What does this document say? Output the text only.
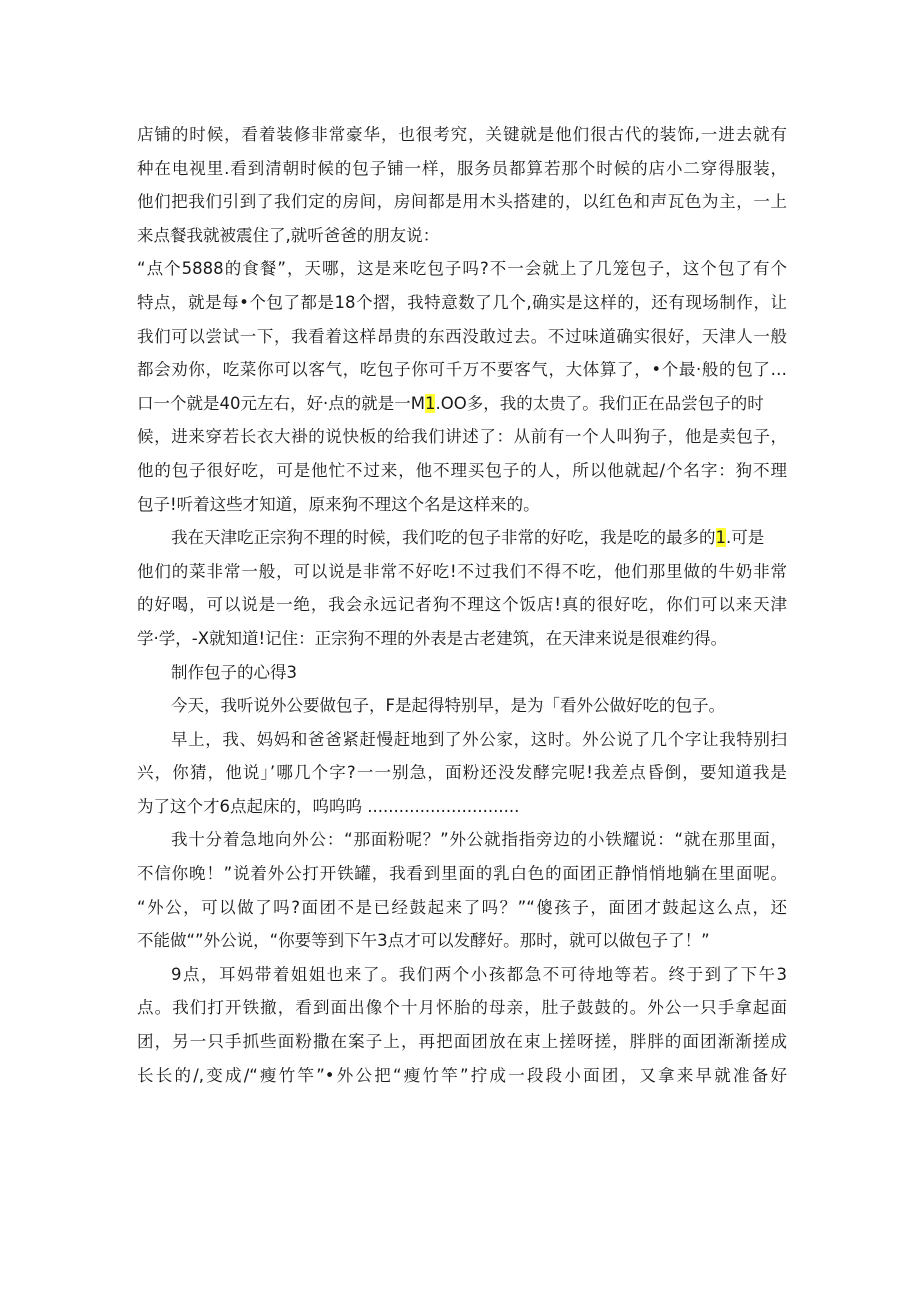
店铺的时候，看着装修非常豪华，也很考究，关键就是他们很古代的装饰,一进去就有
种在电视里.看到清朝时候的包子铺一样，服务员都算若那个时候的店小二穿得服装，
他们把我们引到了我们定的房间，房间都是用木头搭建的，以红色和声瓦色为主，一上
来点餐我就被震住了,就听爸爸的朋友说：
“点个5888的食餐”，天哪，这是来吃包子吗?不一会就上了几笼包子，这个包了有个
特点，就是每•个包了都是18个摺，我特意数了几个,确实是这样的，还有现场制作，让
我们可以尝试一下，我看着这样昂贵的东西没敢过去。不过味道确实很好，天津人一般
都会劝你，吃菜你可以客气，吃包子你可千万不要客气，大体算了，•个最·般的包了…
口一个就是40元左右，好·点的就是一M1.OO多，我的太贵了。我们正在品尝包子的时
候，进来穿若长衣大褂的说快板的给我们讲述了：从前有一个人叫狗子，他是卖包子，
他的包子很好吃，可是他忙不过来，他不理买包子的人，所以他就起/个名字：狗不理
包子!听着这些才知道，原来狗不理这个名是这样来的。
我在天津吃正宗狗不理的时候，我们吃的包子非常的好吃，我是吃的最多的1.可是
他们的菜非常一般，可以说是非常不好吃!不过我们不得不吃，他们那里做的牛奶非常
的好喝，可以说是一绝，我会永远记者狗不理这个饭店!真的很好吃，你们可以来天津
学·学，-X就知道!记住：正宗狗不理的外表是古老建筑，在天津来说是很难约得。
制作包子的心得3
今天，我听说外公要做包子，F是起得特别早，是为「看外公做好吃的包子。
早上，我、妈妈和爸爸紧赶慢赶地到了外公家，这时。外公说了几个字让我特别扫
兴，你猜，他说」’哪几个字?一一别急，面粉还没发酵完呢!我差点昏倒，要知道我是
为了这个才6点起床的，呜呜呜 .............................
我十分着急地向外公：“那面粉呢？”外公就指指旁边的小铁耀说：“就在那里面，
不信你晚！”说着外公打开铁罐，我看到里面的乳白色的面团正静悄悄地躺在里面呢。
“外公，可以做了吗?面团不是已经鼓起来了吗？”“傻孩子，面团才鼓起这么点，还
不能做“”外公说，“你要等到下午3点才可以发酵好。那时，就可以做包子了！”
9点，耳妈带着姐姐也来了。我们两个小孩都急不可待地等若。终于到了下午3
点。我们打开铁撤，看到面出像个十月怀胎的母亲，肚子鼓鼓的。外公一只手拿起面
团，另一只手抓些面粉撒在案子上，再把面团放在束上搓呀搓，胖胖的面团渐渐搓成
长长的/,变成/“瘦竹竿”•外公把“瘦竹竿”拧成一段段小面团，又拿来早就准备好
